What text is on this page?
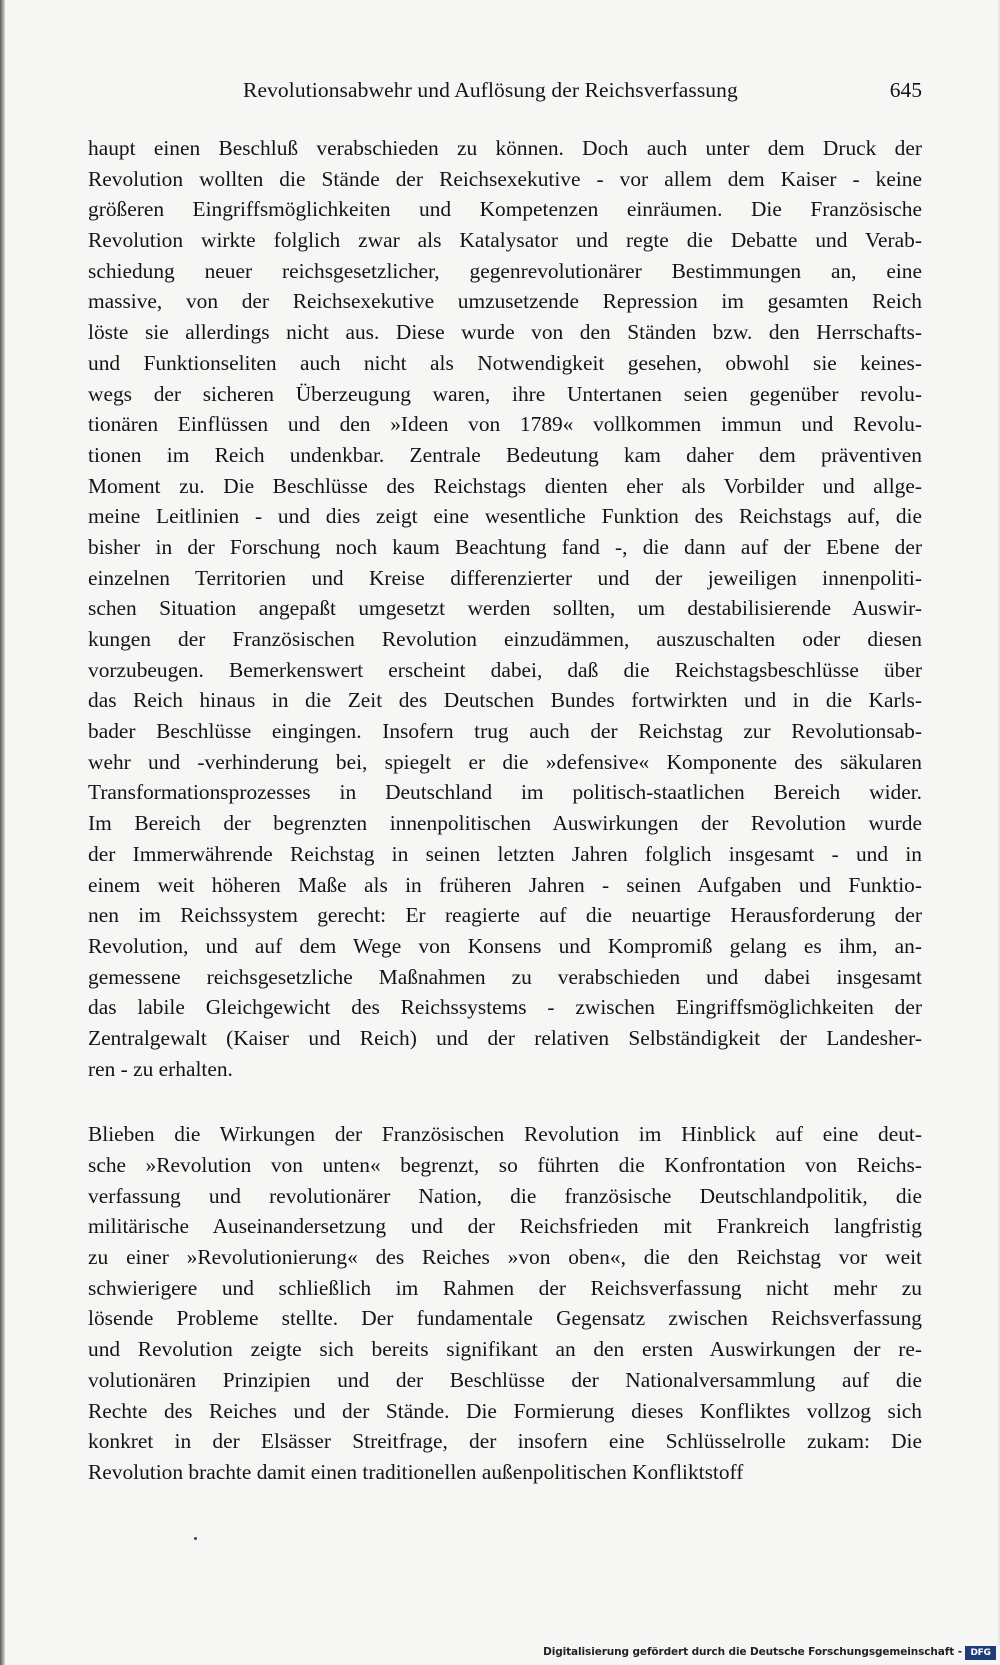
Revolutionsabwehr und Auflösung der Reichsverfassung	645
haupt einen Beschluß verabschieden zu können. Doch auch unter dem Druck der
Revolution wollten die Stände der Reichsexekutive - vor allem dem Kaiser - keine
größeren Eingriffsmöglichkeiten und Kompetenzen einräumen. Die Französische
Revolution wirkte folglich zwar als Katalysator und regte die Debatte und Verab-
schiedung neuer reichsgesetzlicher, gegenrevolutionärer Bestimmungen an, eine
massive, von der Reichsexekutive umzusetzende Repression im gesamten Reich
löste sie allerdings nicht aus. Diese wurde von den Ständen bzw. den Herrschafts-
und Funktionseliten auch nicht als Notwendigkeit gesehen, obwohl sie keines-
wegs der sicheren Überzeugung waren, ihre Untertanen seien gegenüber revolu-
tionären Einflüssen und den »Ideen von 1789« vollkommen immun und Revolu-
tionen im Reich undenkbar. Zentrale Bedeutung kam daher dem präventiven
Moment zu. Die Beschlüsse des Reichstags dienten eher als Vorbilder und allge-
meine Leitlinien - und dies zeigt eine wesentliche Funktion des Reichstags auf, die
bisher in der Forschung noch kaum Beachtung fand -, die dann auf der Ebene der
einzelnen Territorien und Kreise differenzierter und der jeweiligen innenpoliti-
schen Situation angepaßt umgesetzt werden sollten, um destabilisierende Auswir-
kungen der Französischen Revolution einzudämmen, auszuschalten oder diesen
vorzubeugen. Bemerkenswert erscheint dabei, daß die Reichstagsbeschlüsse über
das Reich hinaus in die Zeit des Deutschen Bundes fortwirkten und in die Karls-
bader Beschlüsse eingingen. Insofern trug auch der Reichstag zur Revolutionsab-
wehr und -verhinderung bei, spiegelt er die »defensive« Komponente des säkularen
Transformationsprozesses in Deutschland im politisch-staatlichen Bereich wider.
Im Bereich der begrenzten innenpolitischen Auswirkungen der Revolution wurde
der Immerwährende Reichstag in seinen letzten Jahren folglich insgesamt - und in
einem weit höheren Maße als in früheren Jahren - seinen Aufgaben und Funktio-
nen im Reichssystem gerecht: Er reagierte auf die neuartige Herausforderung der
Revolution, und auf dem Wege von Konsens und Kompromiß gelang es ihm, an-
gemessene reichsgesetzliche Maßnahmen zu verabschieden und dabei insgesamt
das labile Gleichgewicht des Reichssystems - zwischen Eingriffsmöglichkeiten der
Zentralgewalt (Kaiser und Reich) und der relativen Selbständigkeit der Landesher-
ren - zu erhalten.
Blieben die Wirkungen der Französischen Revolution im Hinblick auf eine deut-
sche »Revolution von unten« begrenzt, so führten die Konfrontation von Reichs-
verfassung und revolutionärer Nation, die französische Deutschlandpolitik, die
militärische Auseinandersetzung und der Reichsfrieden mit Frankreich langfristig
zu einer »Revolutionierung« des Reiches »von oben«, die den Reichstag vor weit
schwierigere und schließlich im Rahmen der Reichsverfassung nicht mehr zu
lösende Probleme stellte. Der fundamentale Gegensatz zwischen Reichsverfassung
und Revolution zeigte sich bereits signifikant an den ersten Auswirkungen der re-
volutionären Prinzipien und der Beschlüsse der Nationalversammlung auf die
Rechte des Reiches und der Stände. Die Formierung dieses Konfliktes vollzog sich
konkret in der Elsässer Streitfrage, der insofern eine Schlüsselrolle zukam: Die
Revolution brachte damit einen traditionellen außenpolitischen Konfliktstoff
Digitalisierung gefördert durch die Deutsche Forschungsgemeinschaft - DFG
